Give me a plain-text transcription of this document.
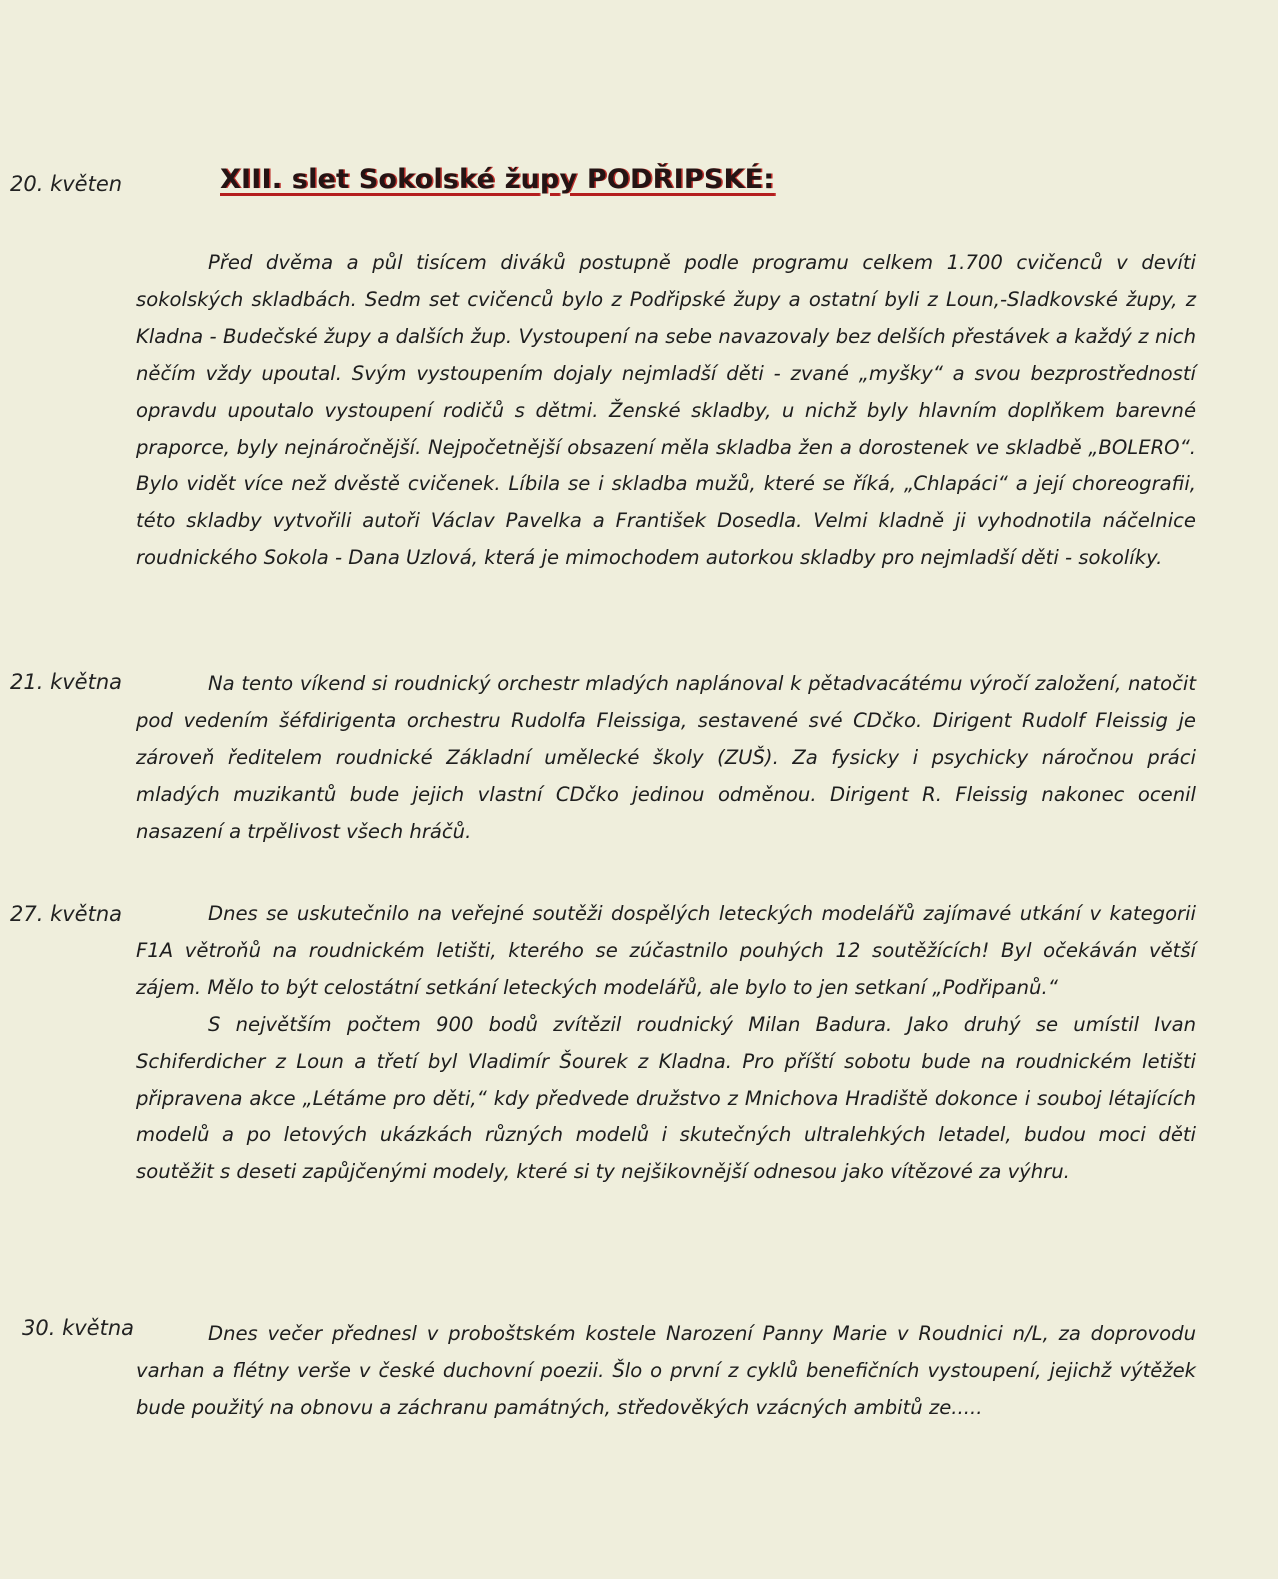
20. květen	XIII. slet Sokolské župy PODŘIPSKÉ:

Před dvěma a půl tisícem diváků postupně podle programu celkem 1.700 cvičenců v devíti sokolských skladbách. Sedm set cvičenců bylo z Podřipské župy a ostatní byli z Loun,-Sladkovské župy, z Kladna - Budečské župy a dalších žup. Vystoupení na sebe navazovaly bez delších přestávek a každý z nich něčím vždy upoutal. Svým vystoupením dojaly nejmladší děti - zvané „myšky“ a svou bezprostředností opravdu upoutalo vystoupení rodičů s dětmi. Ženské skladby, u nichž byly hlavním doplňkem barevné praporce, byly nejnáročnější. Nejpočetnější obsazení měla skladba žen a dorostenek ve skladbě „BOLERO“. Bylo vidět více než dvěstě cvičenek. Líbila se i skladba mužů, které se říká, „Chlapáci“ a její choreografii, této skladby vytvořili autoři Václav Pavelka a František Dosedla. Velmi kladně ji vyhodnotila náčelnice roudnického Sokola - Dana Uzlová, která je mimochodem autorkou skladby pro nejmladší děti - sokolíky.

21. května	Na tento víkend si roudnický orchestr mladých naplánoval k pětadvacátému výročí založení, natočit pod vedením šéfdirigenta orchestru Rudolfa Fleissiga, sestavené své CDčko. Dirigent Rudolf Fleissig je zároveň ředitelem roudnické Základní umělecké školy (ZUŠ). Za fysicky i psychicky náročnou práci mladých muzikantů bude jejich vlastní CDčko jedinou odměnou. Dirigent R. Fleissig nakonec ocenil nasazení a trpělivost všech hráčů.

27. května	Dnes se uskutečnilo na veřejné soutěži dospělých leteckých modelářů zajímavé utkání v kategorii F1A větroňů na roudnickém letišti, kterého se zúčastnilo pouhých 12 soutěžících! Byl očekáván větší zájem. Mělo to být celostátní setkání leteckých modelářů, ale bylo to jen setkaní „Podřipanů.“

S největším počtem 900 bodů zvítězil roudnický Milan Badura. Jako druhý se umístil Ivan Schiferdicher z Loun a třetí byl Vladimír Šourek z Kladna. Pro příští sobotu bude na roudnickém letišti připravena akce „Létáme pro děti,“ kdy předvede družstvo z Mnichova Hradiště dokonce i souboj létajících modelů a po letových ukázkách různých modelů i skutečných ultralehkých letadel, budou moci děti soutěžit s deseti zapůjčenými modely, které si ty nejšikovnější odnesou jako vítězové za výhru.

30. května	Dnes večer přednesl v proboštském kostele Narození Panny Marie v Roudnici n/L, za doprovodu varhan a flétny verše v české duchovní poezii. Šlo o první z cyklů benefičních vystoupení, jejichž výtěžek bude použitý na obnovu a záchranu památných, středověkých vzácných ambitů ze.....
